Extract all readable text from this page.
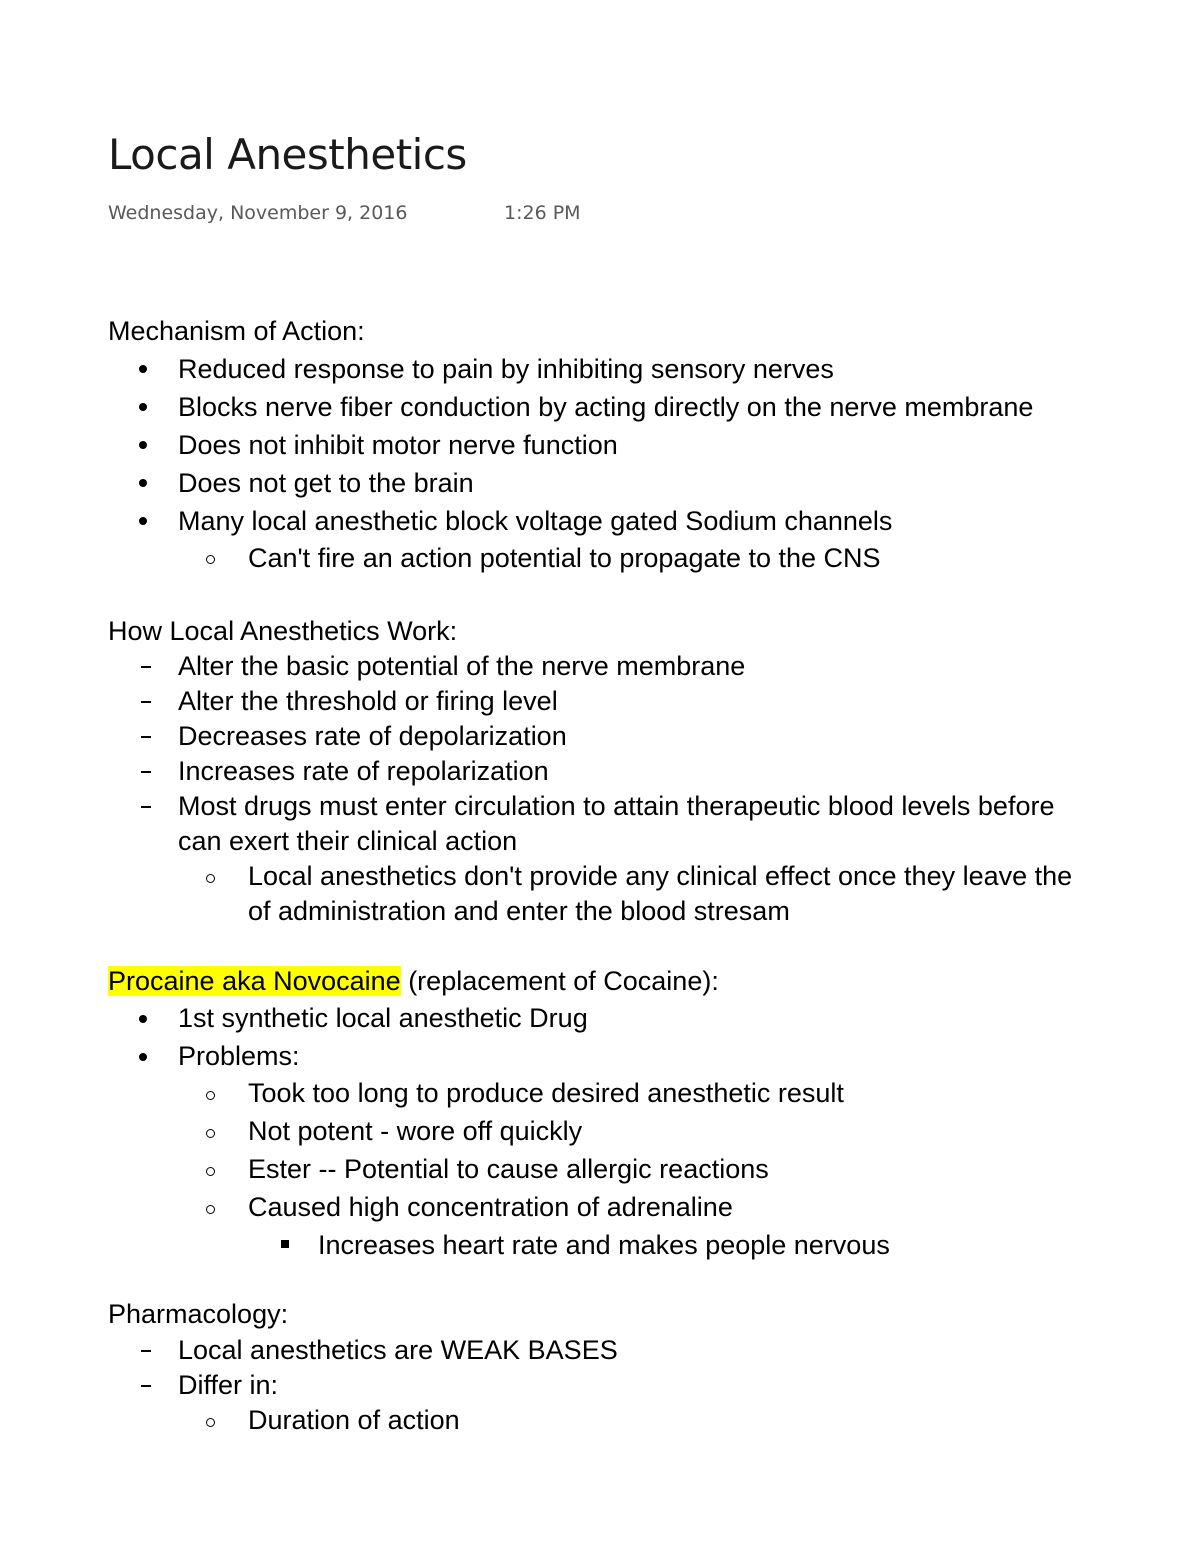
Local Anesthetics
Wednesday, November 9, 2016	1:26 PM
Mechanism of Action:
Reduced response to pain by inhibiting sensory nerves
Blocks nerve fiber conduction by acting directly on the nerve membrane
Does not inhibit motor nerve function
Does not get to the brain
Many local anesthetic block voltage gated Sodium channels
Can't fire an action potential to propagate to the CNS
How Local Anesthetics Work:
Alter the basic potential of the nerve membrane
Alter the threshold or firing level
Decreases rate of depolarization
Increases rate of repolarization
Most drugs must enter circulation to attain therapeutic blood levels before
can exert their clinical action
Local anesthetics don't provide any clinical effect once they leave the
of administration and enter the blood stresam
Procaine aka Novocaine (replacement of Cocaine):
1st synthetic local anesthetic Drug
Problems:
Took too long to produce desired anesthetic result
Not potent - wore off quickly
Ester -- Potential to cause allergic reactions
Caused high concentration of adrenaline
Increases heart rate and makes people nervous
Pharmacology:
Local anesthetics are WEAK BASES
Differ in:
Duration of action
